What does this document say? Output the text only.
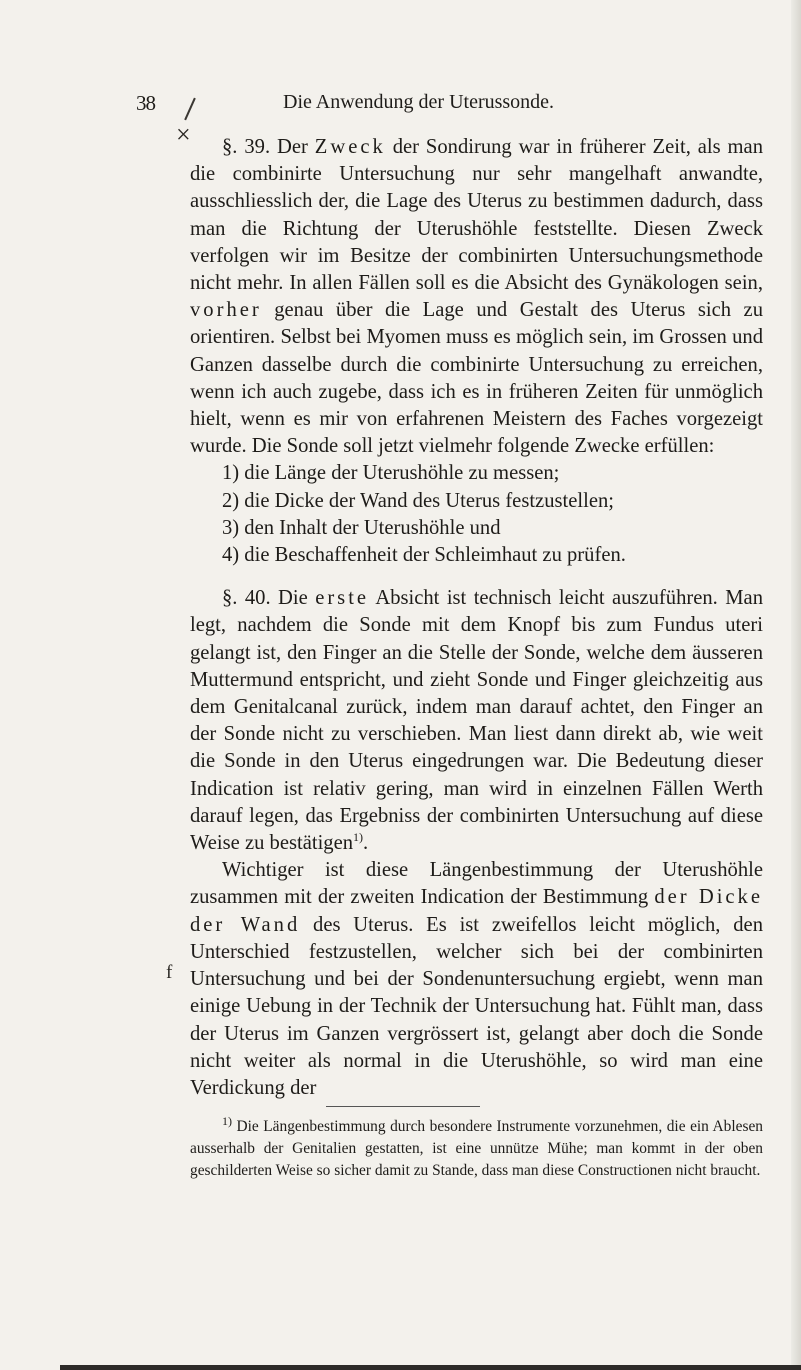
38	Die Anwendung der Uterussonde.
×
f

§. 39. Der Zweck der Sondirung war in früherer Zeit, als man die combinirte Untersuchung nur sehr mangelhaft anwandte, ausschliesslich der, die Lage des Uterus zu bestimmen dadurch, dass man die Richtung der Uterushöhle feststellte. Diesen Zweck verfolgen wir im Besitze der combinirten Untersuchungsmethode nicht mehr. In allen Fällen soll es die Absicht des Gynäkologen sein, vorher genau über die Lage und Gestalt des Uterus sich zu orientiren. Selbst bei Myomen muss es möglich sein, im Grossen und Ganzen dasselbe durch die combinirte Untersuchung zu erreichen, wenn ich auch zugebe, dass ich es in früheren Zeiten für unmöglich hielt, wenn es mir von erfahrenen Meistern des Faches vorgezeigt wurde. Die Sonde soll jetzt vielmehr folgende Zwecke erfüllen:

1) die Länge der Uterushöhle zu messen;

2) die Dicke der Wand des Uterus festzustellen;

3) den Inhalt der Uterushöhle und

4) die Beschaffenheit der Schleimhaut zu prüfen.

§. 40. Die erste Absicht ist technisch leicht auszuführen. Man legt, nachdem die Sonde mit dem Knopf bis zum Fundus uteri gelangt ist, den Finger an die Stelle der Sonde, welche dem äusseren Muttermund entspricht, und zieht Sonde und Finger gleichzeitig aus dem Genitalcanal zurück, indem man darauf achtet, den Finger an der Sonde nicht zu verschieben. Man liest dann direkt ab, wie weit die Sonde in den Uterus eingedrungen war. Die Bedeutung dieser Indication ist relativ gering, man wird in einzelnen Fällen Werth darauf legen, das Ergebniss der combinirten Untersuchung auf diese Weise zu bestätigen$^{1)}$.

Wichtiger ist diese Längenbestimmung der Uterushöhle zusammen mit der zweiten Indication der Bestimmung der Dicke der Wand des Uterus. Es ist zweifellos leicht möglich, den Unterschied festzustellen, welcher sich bei der combinirten Untersuchung und bei der Sondenuntersuchung ergiebt, wenn man einige Uebung in der Technik der Untersuchung hat. Fühlt man, dass der Uterus im Ganzen vergrössert ist, gelangt aber doch die Sonde nicht weiter als normal in die Uterushöhle, so wird man eine Verdickung der

$^{1)}$ Die Längenbestimmung durch besondere Instrumente vorzunehmen, die ein Ablesen ausserhalb der Genitalien gestatten, ist eine unnütze Mühe; man kommt in der oben geschilderten Weise so sicher damit zu Stande, dass man diese Constructionen nicht braucht.
